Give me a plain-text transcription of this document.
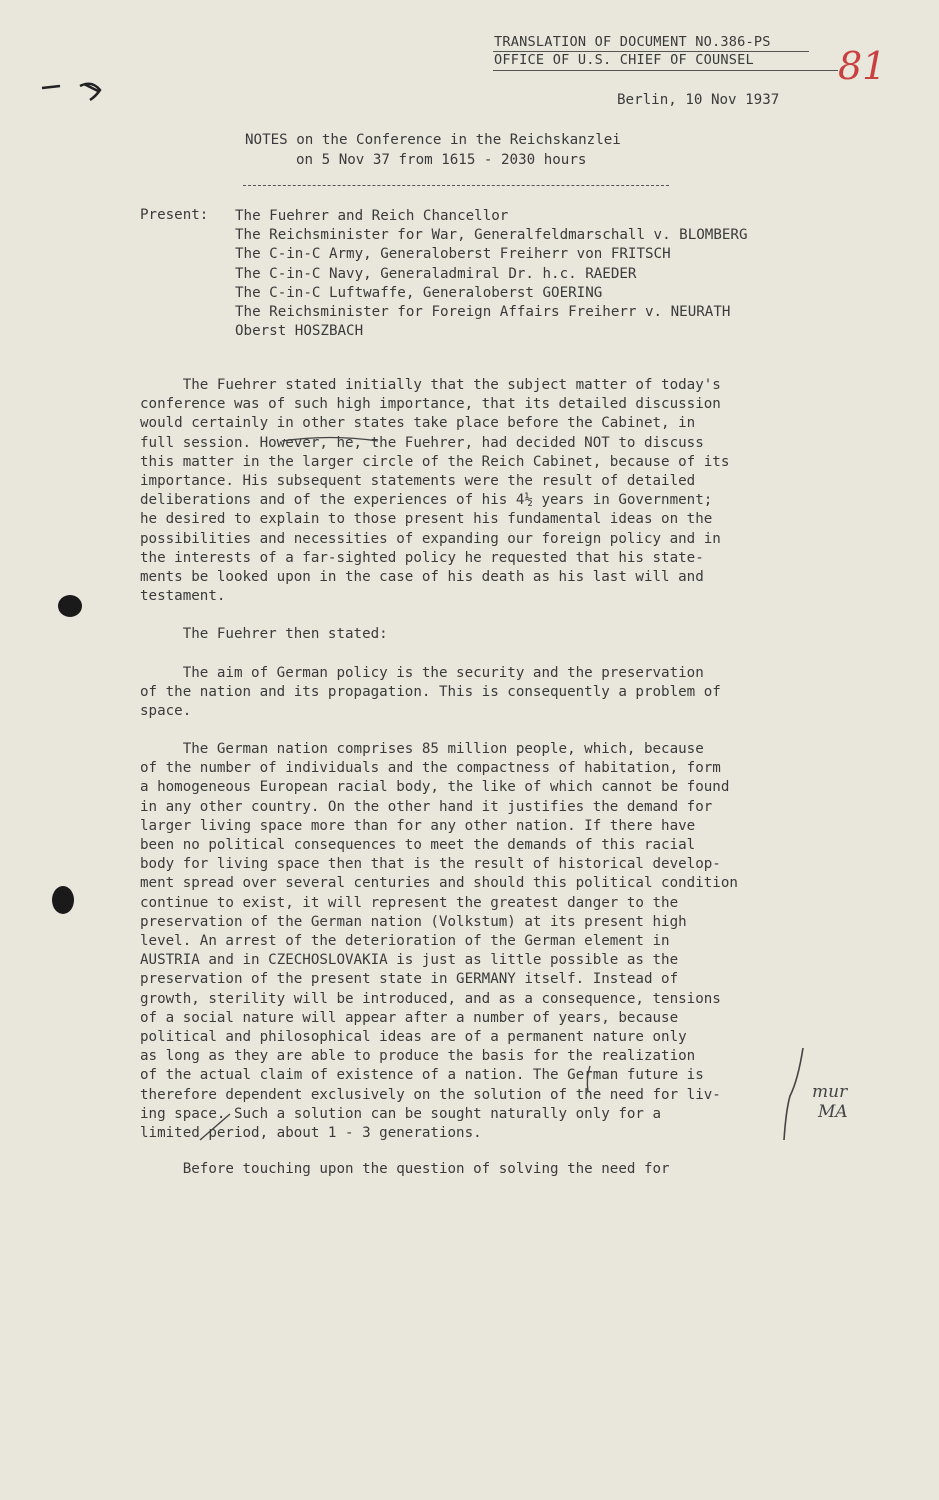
TRANSLATION OF DOCUMENT NO.386-PS
OFFICE OF U.S. CHIEF OF COUNSEL 81
Berlin, 10 Nov 1937
NOTES on the Conference in the Reichskanzlei
on 5 Nov 37 from 1615 - 2030 hours
Present: The Fuehrer and Reich Chancellor
The Reichsminister for War, Generalfeldmarschall v. BLOMBERG
The C-in-C Army, Generaloberst Freiherr von FRITSCH
The C-in-C Navy, Generaladmiral Dr. h.c. RAEDER
The C-in-C Luftwaffe, Generaloberst GOERING
The Reichsminister for Foreign Affairs Freiherr v. NEURATH
Oberst HOSZBACH
The Fuehrer stated initially that the subject matter of today's
conference was of such high importance, that its detailed discussion
would certainly in other states take place before the Cabinet, in
full session. However, he, the Fuehrer, had decided NOT to discuss
this matter in the larger circle of the Reich Cabinet, because of its
importance. His subsequent statements were the result of detailed
deliberations and of the experiences of his 4½ years in Government;
he desired to explain to those present his fundamental ideas on the
possibilities and necessities of expanding our foreign policy and in
the interests of a far-sighted policy he requested that his state-
ments be looked upon in the case of his death as his last will and
testament.
The Fuehrer then stated:
The aim of German policy is the security and the preservation
of the nation and its propagation. This is consequently a problem of
space.
The German nation comprises 85 million people, which, because
of the number of individuals and the compactness of habitation, form
a homogeneous European racial body, the like of which cannot be found
in any other country. On the other hand it justifies the demand for
larger living space more than for any other nation. If there have
been no political consequences to meet the demands of this racial
body for living space then that is the result of historical develop-
ment spread over several centuries and should this political condition
continue to exist, it will represent the greatest danger to the
preservation of the German nation (Volkstum) at its present high
level. An arrest of the deterioration of the German element in
AUSTRIA and in CZECHOSLOVAKIA is just as little possible as the
preservation of the present state in GERMANY itself. Instead of
growth, sterility will be introduced, and as a consequence, tensions
of a social nature will appear after a number of years, because
political and philosophical ideas are of a permanent nature only
as long as they are able to produce the basis for the realization
of the actual claim of existence of a nation. The German future is
therefore dependent exclusively on the solution of the need for liv-
ing space. Such a solution can be sought naturally only for a
limited period, about 1 - 3 generations.
Before touching upon the question of solving the need for
mur
MA
